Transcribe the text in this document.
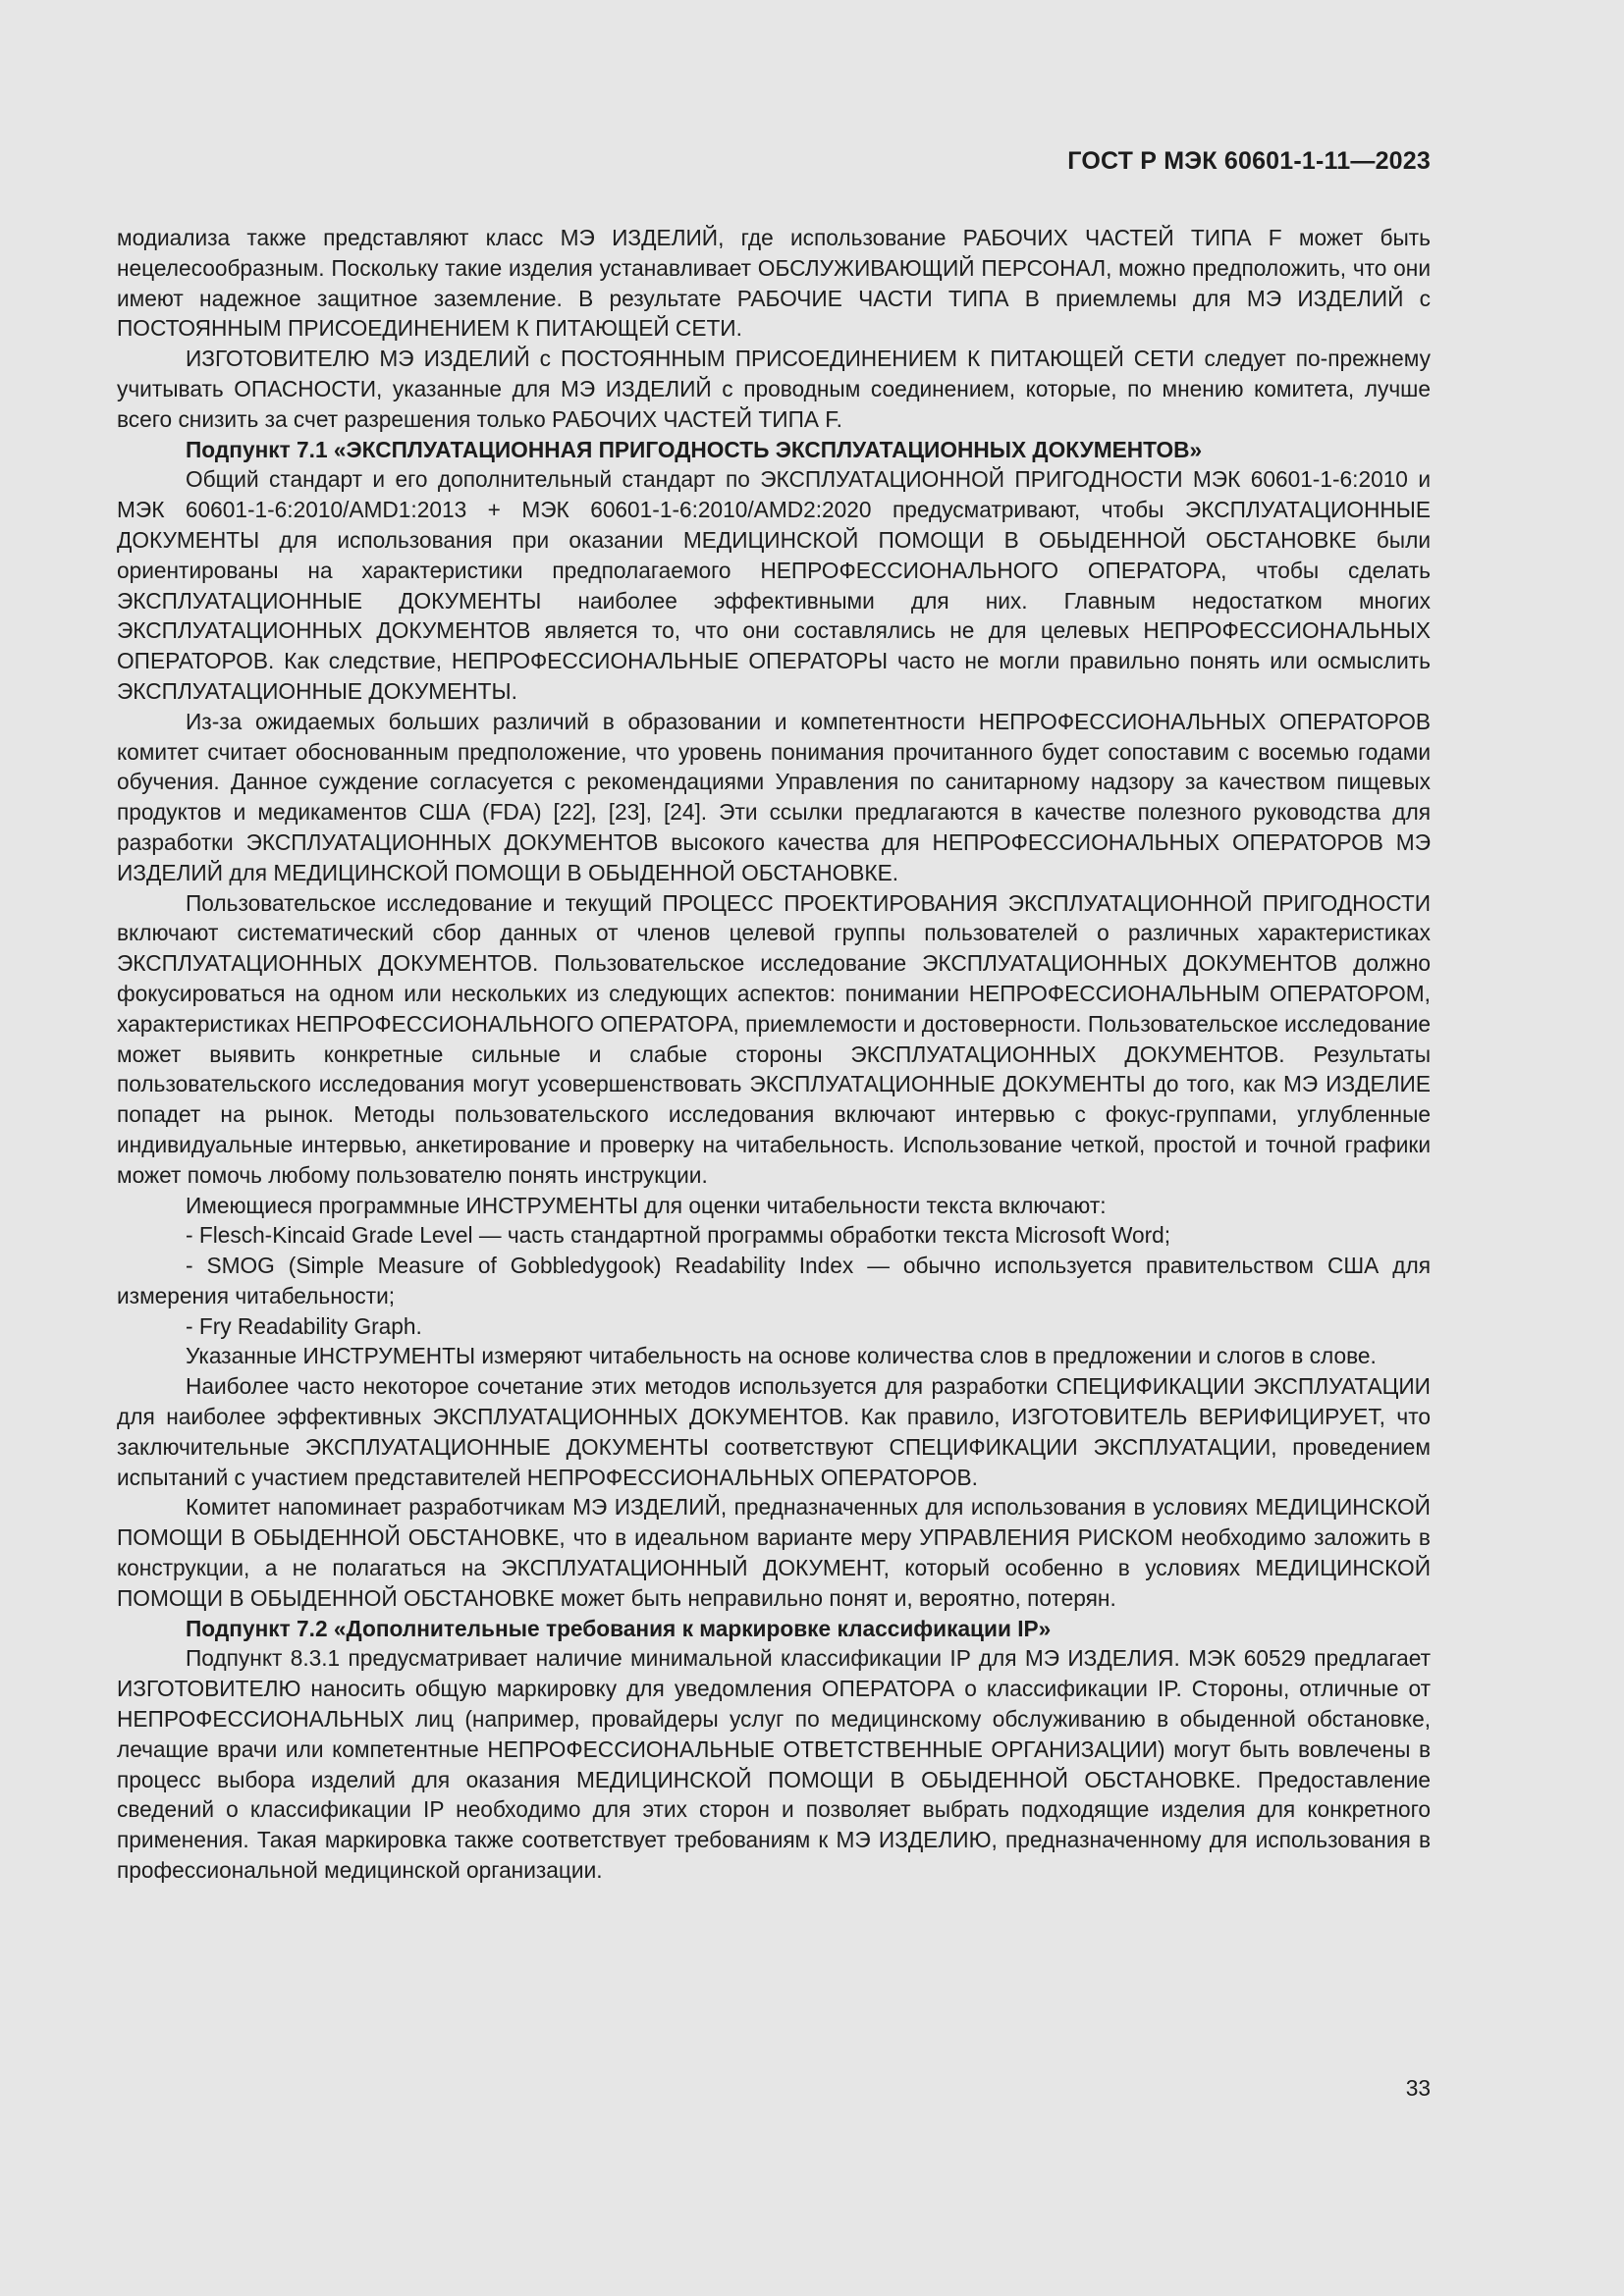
ГОСТ Р МЭК 60601-1-11—2023

модиализа также представляют класс МЭ ИЗДЕЛИЙ, где использование РАБОЧИХ ЧАСТЕЙ ТИПА F может быть нецелесообразным. Поскольку такие изделия устанавливает ОБСЛУЖИВАЮЩИЙ ПЕРСОНАЛ, можно предположить, что они имеют надежное защитное заземление. В результате РАБОЧИЕ ЧАСТИ ТИПА В приемлемы для МЭ ИЗДЕЛИЙ с ПОСТОЯННЫМ ПРИСОЕДИНЕНИЕМ К ПИТАЮЩЕЙ СЕТИ.

ИЗГОТОВИТЕЛЮ МЭ ИЗДЕЛИЙ с ПОСТОЯННЫМ ПРИСОЕДИНЕНИЕМ К ПИТАЮЩЕЙ СЕТИ следует по-прежнему учитывать ОПАСНОСТИ, указанные для МЭ ИЗДЕЛИЙ с проводным соединением, которые, по мнению комитета, лучше всего снизить за счет разрешения только РАБОЧИХ ЧАСТЕЙ ТИПА F.

Подпункт 7.1 «ЭКСПЛУАТАЦИОННАЯ ПРИГОДНОСТЬ ЭКСПЛУАТАЦИОННЫХ ДОКУМЕНТОВ»

Общий стандарт и его дополнительный стандарт по ЭКСПЛУАТАЦИОННОЙ ПРИГОДНОСТИ МЭК 60601-1-6:2010 и МЭК 60601-1-6:2010/AMD1:2013 + МЭК 60601-1-6:2010/AMD2:2020 предусматривают, чтобы ЭКСПЛУАТАЦИОННЫЕ ДОКУМЕНТЫ для использования при оказании МЕДИЦИНСКОЙ ПОМОЩИ В ОБЫДЕННОЙ ОБСТАНОВКЕ были ориентированы на характеристики предполагаемого НЕПРОФЕССИОНАЛЬНОГО ОПЕРАТОРА, чтобы сделать ЭКСПЛУАТАЦИОННЫЕ ДОКУМЕНТЫ наиболее эффективными для них. Главным недостатком многих ЭКСПЛУАТАЦИОННЫХ ДОКУМЕНТОВ является то, что они составлялись не для целевых НЕПРОФЕССИОНАЛЬНЫХ ОПЕРАТОРОВ. Как следствие, НЕПРОФЕССИОНАЛЬНЫЕ ОПЕРАТОРЫ часто не могли правильно понять или осмыслить ЭКСПЛУАТАЦИОННЫЕ ДОКУМЕНТЫ.

Из-за ожидаемых больших различий в образовании и компетентности НЕПРОФЕССИОНАЛЬНЫХ ОПЕРАТОРОВ комитет считает обоснованным предположение, что уровень понимания прочитанного будет сопоставим с восемью годами обучения. Данное суждение согласуется с рекомендациями Управления по санитарному надзору за качеством пищевых продуктов и медикаментов США (FDA) [22], [23], [24]. Эти ссылки предлагаются в качестве полезного руководства для разработки ЭКСПЛУАТАЦИОННЫХ ДОКУМЕНТОВ высокого качества для НЕПРОФЕССИОНАЛЬНЫХ ОПЕРАТОРОВ МЭ ИЗДЕЛИЙ для МЕДИЦИНСКОЙ ПОМОЩИ В ОБЫДЕННОЙ ОБСТАНОВКЕ.

Пользовательское исследование и текущий ПРОЦЕСС ПРОЕКТИРОВАНИЯ ЭКСПЛУАТАЦИОННОЙ ПРИГОДНОСТИ включают систематический сбор данных от членов целевой группы пользователей о различных характеристиках ЭКСПЛУАТАЦИОННЫХ ДОКУМЕНТОВ. Пользовательское исследование ЭКСПЛУАТАЦИОННЫХ ДОКУМЕНТОВ должно фокусироваться на одном или нескольких из следующих аспектов: понимании НЕПРОФЕССИОНАЛЬНЫМ ОПЕРАТОРОМ, характеристиках НЕПРОФЕССИОНАЛЬНОГО ОПЕРАТОРА, приемлемости и достоверности. Пользовательское исследование может выявить конкретные сильные и слабые стороны ЭКСПЛУАТАЦИОННЫХ ДОКУМЕНТОВ. Результаты пользовательского исследования могут усовершенствовать ЭКСПЛУАТАЦИОННЫЕ ДОКУМЕНТЫ до того, как МЭ ИЗДЕЛИЕ попадет на рынок. Методы пользовательского исследования включают интервью с фокус-группами, углубленные индивидуальные интервью, анкетирование и проверку на читабельность. Использование четкой, простой и точной графики может помочь любому пользователю понять инструкции.

Имеющиеся программные ИНСТРУМЕНТЫ для оценки читабельности текста включают:

- Flesch-Kincaid Grade Level — часть стандартной программы обработки текста Microsoft Word;

- SMOG (Simple Measure of Gobbledygook) Readability Index — обычно используется правительством США для измерения читабельности;

- Fry Readability Graph.

Указанные ИНСТРУМЕНТЫ измеряют читабельность на основе количества слов в предложении и слогов в слове.

Наиболее часто некоторое сочетание этих методов используется для разработки СПЕЦИФИКАЦИИ ЭКСПЛУАТАЦИИ для наиболее эффективных ЭКСПЛУАТАЦИОННЫХ ДОКУМЕНТОВ. Как правило, ИЗГОТОВИТЕЛЬ ВЕРИФИЦИРУЕТ, что заключительные ЭКСПЛУАТАЦИОННЫЕ ДОКУМЕНТЫ соответствуют СПЕЦИФИКАЦИИ ЭКСПЛУАТАЦИИ, проведением испытаний с участием представителей НЕПРОФЕССИОНАЛЬНЫХ ОПЕРАТОРОВ.

Комитет напоминает разработчикам МЭ ИЗДЕЛИЙ, предназначенных для использования в условиях МЕДИЦИНСКОЙ ПОМОЩИ В ОБЫДЕННОЙ ОБСТАНОВКЕ, что в идеальном варианте меру УПРАВЛЕНИЯ РИСКОМ необходимо заложить в конструкции, а не полагаться на ЭКСПЛУАТАЦИОННЫЙ ДОКУМЕНТ, который особенно в условиях МЕДИЦИНСКОЙ ПОМОЩИ В ОБЫДЕННОЙ ОБСТАНОВКЕ может быть неправильно понят и, вероятно, потерян.

Подпункт 7.2 «Дополнительные требования к маркировке классификации IP»

Подпункт 8.3.1 предусматривает наличие минимальной классификации IP для МЭ ИЗДЕЛИЯ. МЭК 60529 предлагает ИЗГОТОВИТЕЛЮ наносить общую маркировку для уведомления ОПЕРАТОРА о классификации IP. Стороны, отличные от НЕПРОФЕССИОНАЛЬНЫХ лиц (например, провайдеры услуг по медицинскому обслуживанию в обыденной обстановке, лечащие врачи или компетентные НЕПРОФЕССИОНАЛЬНЫЕ ОТВЕТСТВЕННЫЕ ОРГАНИЗАЦИИ) могут быть вовлечены в процесс выбора изделий для оказания МЕДИЦИНСКОЙ ПОМОЩИ В ОБЫДЕННОЙ ОБСТАНОВКЕ. Предоставление сведений о классификации IP необходимо для этих сторон и позволяет выбрать подходящие изделия для конкретного применения. Такая маркировка также соответствует требованиям к МЭ ИЗДЕЛИЮ, предназначенному для использования в профессиональной медицинской организации.

33
